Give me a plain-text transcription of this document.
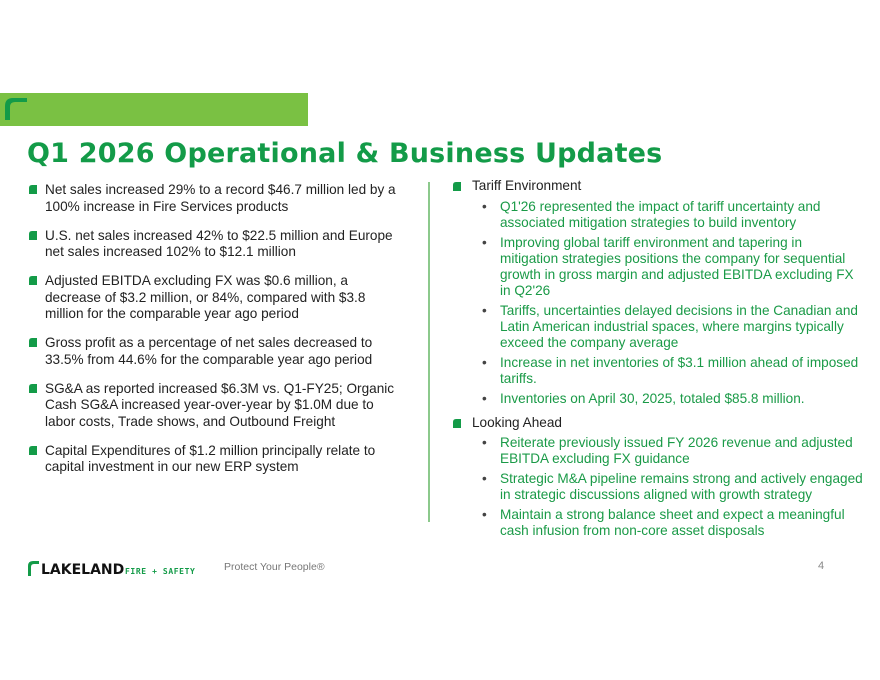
Q1 2026 Operational & Business Updates
Net sales increased 29% to a record $46.7 million led by a 100% increase in Fire Services products
U.S. net sales increased 42% to $22.5 million and Europe net sales increased 102% to $12.1 million
Adjusted EBITDA excluding FX was $0.6 million, a decrease of $3.2 million, or 84%, compared with $3.8 million for the comparable year ago period
Gross profit as a percentage of net sales decreased to 33.5% from 44.6% for the comparable year ago period
SG&A as reported increased $6.3M vs. Q1-FY25; Organic Cash SG&A increased year-over-year by $1.0M due to labor costs, Trade shows, and Outbound Freight
Capital Expenditures of $1.2 million principally relate to capital investment in our new ERP system
Tariff Environment
• Q1'26 represented the impact of tariff uncertainty and associated mitigation strategies to build inventory
• Improving global tariff environment and tapering in mitigation strategies positions the company for sequential growth in gross margin and adjusted EBITDA excluding FX in Q2'26
• Tariffs, uncertainties delayed decisions in the Canadian and Latin American industrial spaces, where margins typically exceed the company average
• Increase in net inventories of $3.1 million ahead of imposed tariffs.
• Inventories on April 30, 2025, totaled $85.8 million.
Looking Ahead
• Reiterate previously issued FY 2026 revenue and adjusted EBITDA excluding FX guidance
• Strategic M&A pipeline remains strong and actively engaged in strategic discussions aligned with growth strategy
• Maintain a strong balance sheet and expect a meaningful cash infusion from non-core asset disposals
LAKELAND FIRE + SAFETY	Protect Your People®	4
